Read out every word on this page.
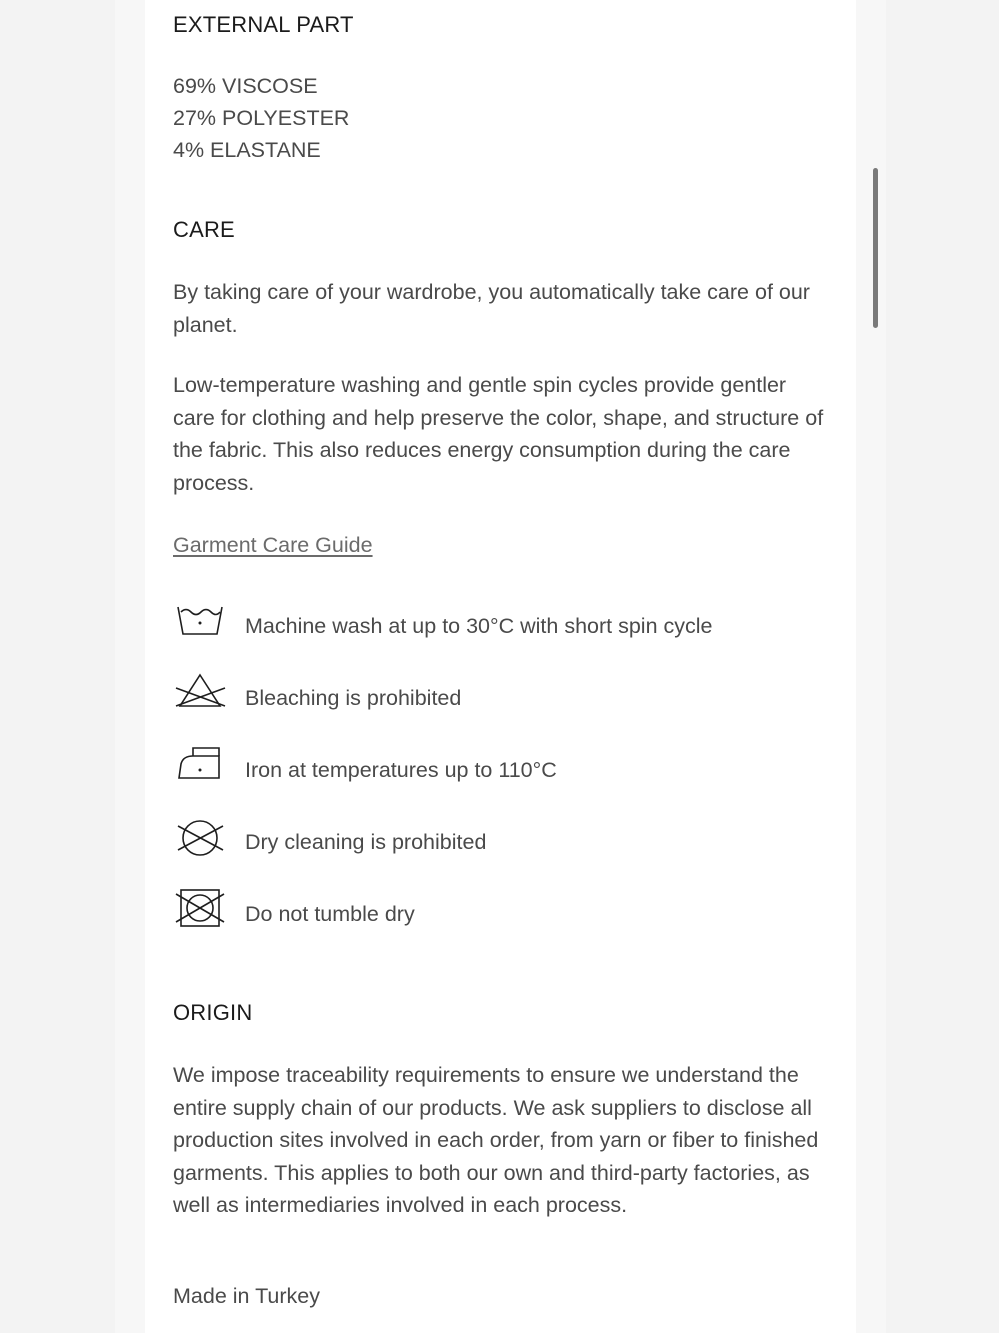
EXTERNAL PART
69% VISCOSE
27% POLYESTER
4% ELASTANE
CARE
By taking care of your wardrobe, you automatically take care of our planet.
Low-temperature washing and gentle spin cycles provide gentler care for clothing and help preserve the color, shape, and structure of the fabric. This also reduces energy consumption during the care process.
Garment Care Guide
Machine wash at up to 30°C with short spin cycle
Bleaching is prohibited
Iron at temperatures up to 110°C
Dry cleaning is prohibited
Do not tumble dry
ORIGIN
We impose traceability requirements to ensure we understand the entire supply chain of our products. We ask suppliers to disclose all production sites involved in each order, from yarn or fiber to finished garments. This applies to both our own and third-party factories, as well as intermediaries involved in each process.
Made in Turkey
